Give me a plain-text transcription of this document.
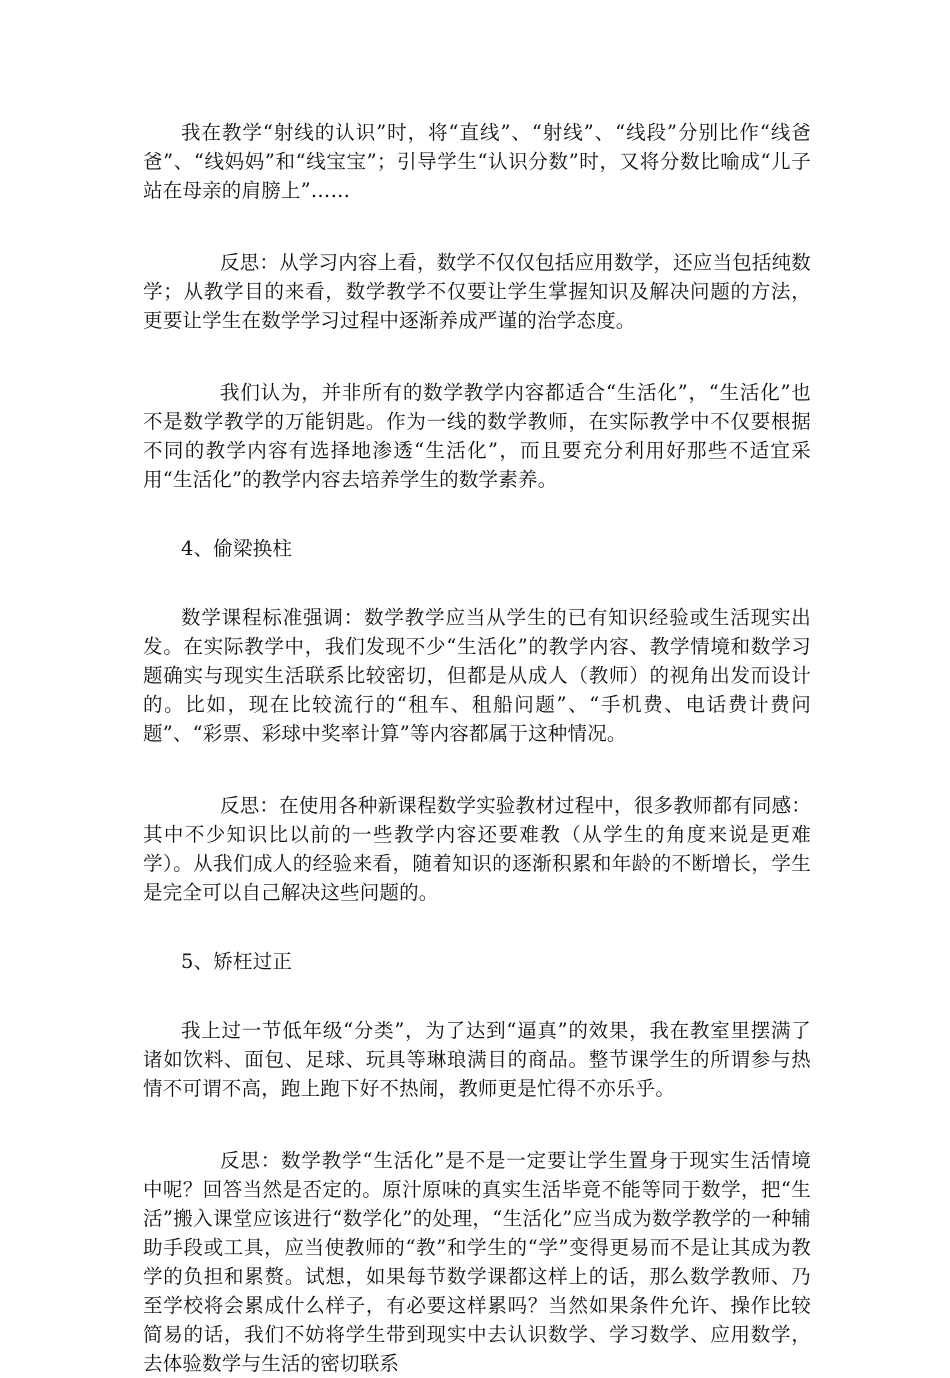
我在教学“射线的认识”时，将“直线”、“射线”、“线段”分别比作“线爸爸”、“线妈妈”和“线宝宝”；引导学生“认识分数”时，又将分数比喻成“儿子站在母亲的肩膀上”……

反思：从学习内容上看，数学不仅仅包括应用数学，还应当包括纯数学；从教学目的来看，数学教学不仅要让学生掌握知识及解决问题的方法，更要让学生在数学学习过程中逐渐养成严谨的治学态度。

我们认为，并非所有的数学教学内容都适合“生活化”，“生活化”也不是数学教学的万能钥匙。作为一线的数学教师，在实际教学中不仅要根据不同的教学内容有选择地渗透“生活化”，而且要充分利用好那些不适宜采用“生活化”的教学内容去培养学生的数学素养。

4、偷梁换柱

数学课程标准强调：数学教学应当从学生的已有知识经验或生活现实出发。在实际教学中，我们发现不少“生活化”的教学内容、教学情境和数学习题确实与现实生活联系比较密切，但都是从成人（教师）的视角出发而设计的。比如，现在比较流行的“租车、租船问题”、“手机费、电话费计费问题”、“彩票、彩球中奖率计算”等内容都属于这种情况。

反思：在使用各种新课程数学实验教材过程中，很多教师都有同感：其中不少知识比以前的一些教学内容还要难教（从学生的角度来说是更难学）。从我们成人的经验来看，随着知识的逐渐积累和年龄的不断增长，学生是完全可以自己解决这些问题的。

5、矫枉过正

我上过一节低年级“分类”，为了达到“逼真”的效果，我在教室里摆满了诸如饮料、面包、足球、玩具等琳琅满目的商品。整节课学生的所谓参与热情不可谓不高，跑上跑下好不热闹，教师更是忙得不亦乐乎。

反思：数学教学“生活化”是不是一定要让学生置身于现实生活情境中呢？回答当然是否定的。原汁原味的真实生活毕竟不能等同于数学，把“生活”搬入课堂应该进行“数学化”的处理，“生活化”应当成为数学教学的一种辅助手段或工具，应当使教师的“教”和学生的“学”变得更易而不是让其成为教学的负担和累赘。试想，如果每节数学课都这样上的话，那么数学教师、乃至学校将会累成什么样子，有必要这样累吗？当然如果条件允许、操作比较简易的话，我们不妨将学生带到现实中去认识数学、学习数学、应用数学，去体验数学与生活的密切联系
